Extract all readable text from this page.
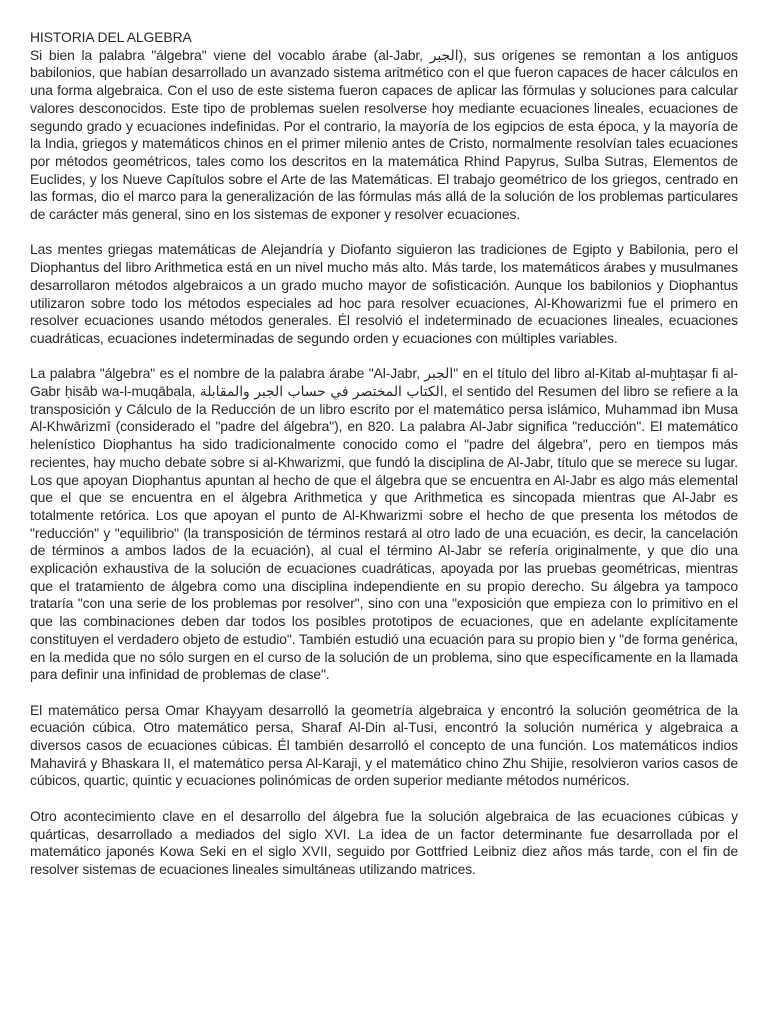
HISTORIA DEL ALGEBRA

Si bien la palabra "álgebra" viene del vocablo árabe (al-Jabr, الجبر‎), sus orígenes se remontan a los antiguos babilonios, que habían desarrollado un avanzado sistema aritmético con el que fueron capaces de hacer cálculos en una forma algebraica. Con el uso de este sistema fueron capaces de aplicar las fórmulas y soluciones para calcular valores desconocidos. Este tipo de problemas suelen resolverse hoy mediante ecuaciones lineales, ecuaciones de segundo grado y ecuaciones indefinidas. Por el contrario, la mayoría de los egipcios de esta época, y la mayoría de la India, griegos y matemáticos chinos en el primer milenio antes de Cristo, normalmente resolvían tales ecuaciones por métodos geométricos, tales como los descritos en la matemática Rhind Papyrus, Sulba Sutras, Elementos de Euclides, y los Nueve Capítulos sobre el Arte de las Matemáticas. El trabajo geométrico de los griegos, centrado en las formas, dio el marco para la generalización de las fórmulas más allá de la solución de los problemas particulares de carácter más general, sino en los sistemas de exponer y resolver ecuaciones.

Las mentes griegas matemáticas de Alejandría y Diofanto siguieron las tradiciones de Egipto y Babilonia, pero el Diophantus del libro Arithmetica está en un nivel mucho más alto. Más tarde, los matemáticos árabes y musulmanes desarrollaron métodos algebraicos a un grado mucho mayor de sofisticación. Aunque los babilonios y Diophantus utilizaron sobre todo los métodos especiales ad hoc para resolver ecuaciones, Al-Khowarizmi fue el primero en resolver ecuaciones usando métodos generales. Él resolvió el indeterminado de ecuaciones lineales, ecuaciones cuadráticas, ecuaciones indeterminadas de segundo orden y ecuaciones con múltiples variables.

La palabra "álgebra" es el nombre de la palabra árabe "Al-Jabr, الجبر‎" en el título del libro al-Kitab al-muḫtaṣar fi al-Gabr ḥisāb wa-l-muqābala, الكتاب المختصر في حساب الجبر والمقابلة‎, el sentido del Resumen del libro se refiere a la transposición y Cálculo de la Reducción de un libro escrito por el matemático persa islámico, Muhammad ibn Musa Al-Khwārizmī (considerado el "padre del álgebra"), en 820. La palabra Al-Jabr significa "reducción". El matemático helenístico Diophantus ha sido tradicionalmente conocido como el "padre del álgebra", pero en tiempos más recientes, hay mucho debate sobre si al-Khwarizmi, que fundó la disciplina de Al-Jabr, título que se merece su lugar. Los que apoyan Diophantus apuntan al hecho de que el álgebra que se encuentra en Al-Jabr es algo más elemental que el que se encuentra en el álgebra Arithmetica y que Arithmetica es sincopada mientras que Al-Jabr es totalmente retórica. Los que apoyan el punto de Al-Khwarizmi sobre el hecho de que presenta los métodos de "reducción" y "equilibrio" (la transposición de términos restará al otro lado de una ecuación, es decir, la cancelación de términos a ambos lados de la ecuación), al cual el término Al-Jabr se refería originalmente, y que dio una explicación exhaustiva de la solución de ecuaciones cuadráticas, apoyada por las pruebas geométricas, mientras que el tratamiento de álgebra como una disciplina independiente en su propio derecho. Su álgebra ya tampoco trataría "con una serie de los problemas por resolver", sino con una "exposición que empieza con lo primitivo en el que las combinaciones deben dar todos los posibles prototipos de ecuaciones, que en adelante explícitamente constituyen el verdadero objeto de estudio". También estudió una ecuación para su propio bien y "de forma genérica, en la medida que no sólo surgen en el curso de la solución de un problema, sino que específicamente en la llamada para definir una infinidad de problemas de clase".

El matemático persa Omar Khayyam desarrolló la geometría algebraica y encontró la solución geométrica de la ecuación cúbica. Otro matemático persa, Sharaf Al-Din al-Tusi, encontró la solución numérica y algebraica a diversos casos de ecuaciones cúbicas. Él también desarrolló el concepto de una función. Los matemáticos indios Mahavirá y Bhaskara II, el matemático persa Al-Karaji, y el matemático chino Zhu Shijie, resolvieron varios casos de cúbicos, quartic, quintic y ecuaciones polinómicas de orden superior mediante métodos numéricos.

Otro acontecimiento clave en el desarrollo del álgebra fue la solución algebraica de las ecuaciones cúbicas y quárticas, desarrollado a mediados del siglo XVI. La idea de un factor determinante fue desarrollada por el matemático japonés Kowa Seki en el siglo XVII, seguido por Gottfried Leibniz diez años más tarde, con el fin de resolver sistemas de ecuaciones lineales simultáneas utilizando matrices.
